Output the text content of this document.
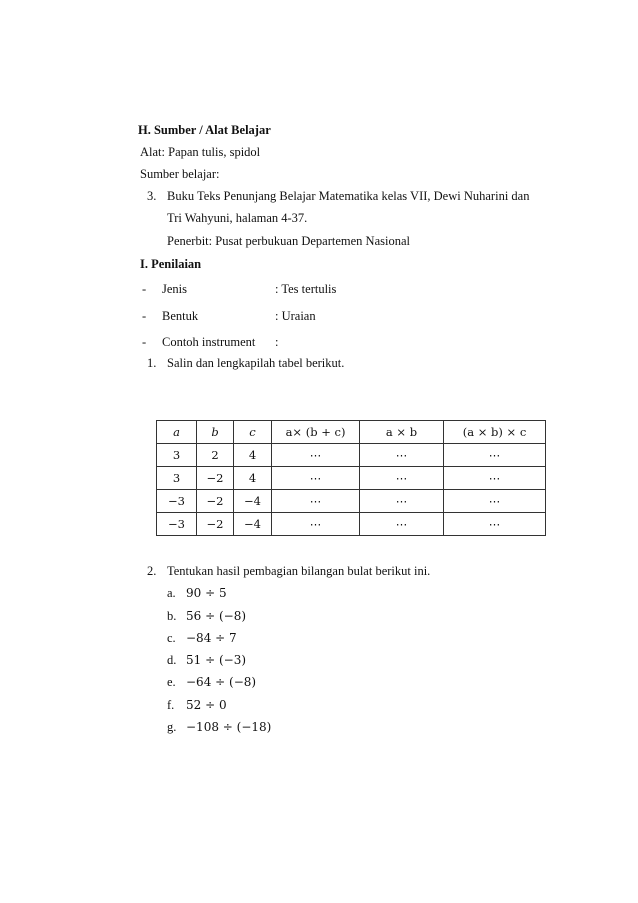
H. Sumber / Alat Belajar
Alat: Papan tulis, spidol
Sumber belajar:
3. Buku Teks Penunjang Belajar Matematika kelas VII, Dewi Nuharini dan
Tri Wahyuni, halaman 4-37.
Penerbit: Pusat perbukuan Departemen Nasional
I. Penilaian
- Jenis	: Tes tertulis
- Bentuk	: Uraian
- Contoh instrument :
1. Salin dan lengkapilah tabel berikut.
a	b	c	a× (b + c)	a × b	(a × b) × c
3	2	4	⋯	⋯	⋯
3	−2	4	⋯	⋯	⋯
−3	−2	−4	⋯	⋯	⋯
−3	−2	−4	⋯	⋯	⋯
2. Tentukan hasil pembagian bilangan bulat berikut ini.
a. 90 ÷ 5
b. 56 ÷ (−8)
c. −84 ÷ 7
d. 51 ÷ (−3)
e. −64 ÷ (−8)
f. 52 ÷ 0
g. −108 ÷ (−18)
